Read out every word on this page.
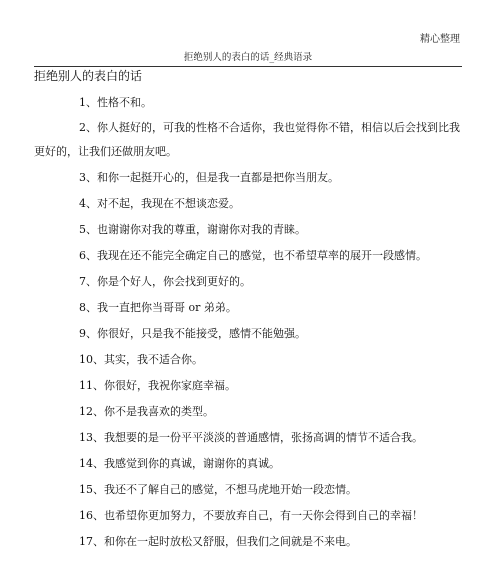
精心整理
拒绝别人的表白的话_经典语录
拒绝别人的表白的话
1、性格不和。
2、你人挺好的，可我的性格不合适你，我也觉得你不错，相信以后会找到比我更好的，让我们还做朋友吧。
3、和你一起挺开心的，但是我一直都是把你当朋友。
4、对不起，我现在不想谈恋爱。
5、也谢谢你对我的尊重，谢谢你对我的青睐。
6、我现在还不能完全确定自己的感觉，也不希望草率的展开一段感情。
7、你是个好人，你会找到更好的。
8、我一直把你当哥哥 or 弟弟。
9、你很好，只是我不能接受，感情不能勉强。
10、其实，我不适合你。
11、你很好，我祝你家庭幸福。
12、你不是我喜欢的类型。
13、我想要的是一份平平淡淡的普通感情，张扬高调的情节不适合我。
14、我感觉到你的真诚，谢谢你的真诚。
15、我还不了解自己的感觉，不想马虎地开始一段恋情。
16、也希望你更加努力，不要放弃自己，有一天你会得到自己的幸福！
17、和你在一起时放松又舒服，但我们之间就是不来电。
